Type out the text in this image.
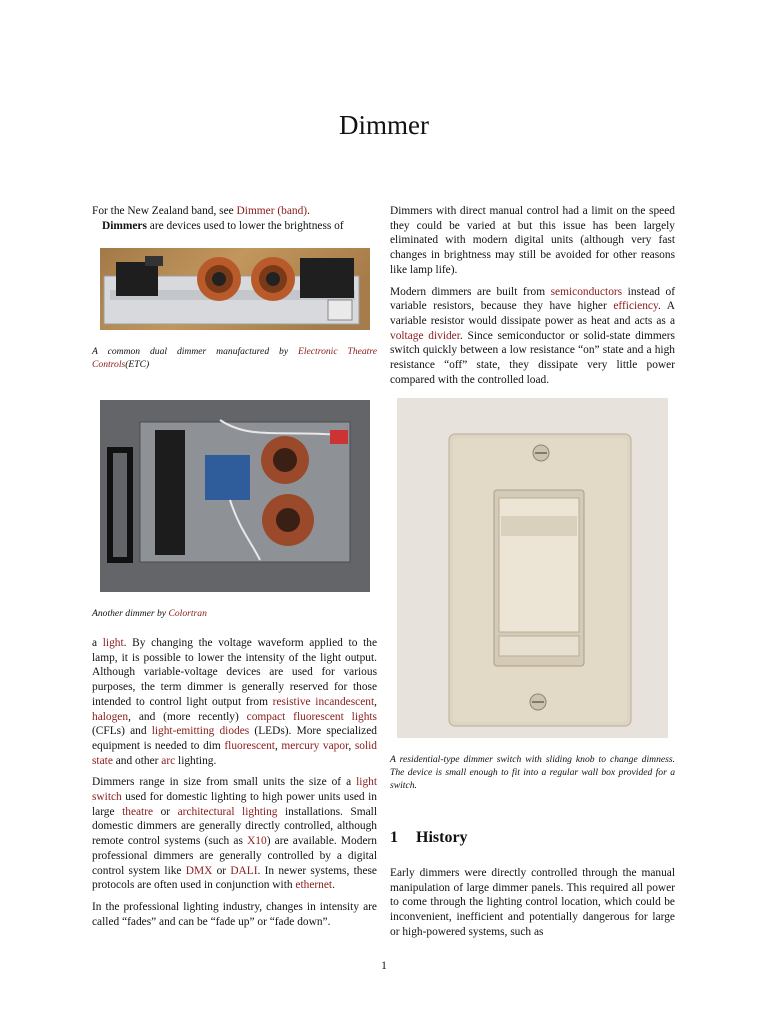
Dimmer

For the New Zealand band, see Dimmer (band).

Dimmers are devices used to lower the brightness of

A common dual dimmer manufactured by Electronic Theatre Controls(ETC)
Another dimmer by Colortran

a light. By changing the voltage waveform applied to the lamp, it is possible to lower the intensity of the light output. Although variable-voltage devices are used for various purposes, the term dimmer is generally reserved for those intended to control light output from resistive incandescent, halogen, and (more recently) compact fluorescent lights (CFLs) and light-emitting diodes (LEDs). More specialized equipment is needed to dim fluorescent, mercury vapor, solid state and other arc lighting.

Dimmers range in size from small units the size of a light switch used for domestic lighting to high power units used in large theatre or architectural lighting installations. Small domestic dimmers are generally directly controlled, although remote control systems (such as X10) are available. Modern professional dimmers are generally controlled by a digital control system like DMX or DALI. In newer systems, these protocols are often used in conjunction with ethernet.

In the professional lighting industry, changes in intensity are called “fades” and can be “fade up” or “fade down”.

Dimmers with direct manual control had a limit on the speed they could be varied at but this issue has been largely eliminated with modern digital units (although very fast changes in brightness may still be avoided for other reasons like lamp life).

Modern dimmers are built from semiconductors instead of variable resistors, because they have higher efficiency. A variable resistor would dissipate power as heat and acts as a voltage divider. Since semiconductor or solid-state dimmers switch quickly between a low resistance “on” state and a high resistance “off” state, they dissipate very little power compared with the controlled load.

A residential-type dimmer switch with sliding knob to change dimness. The device is small enough to fit into a regular wall box provided for a switch.
1 History

Early dimmers were directly controlled through the manual manipulation of large dimmer panels. This required all power to come through the lighting control location, which could be inconvenient, inefficient and potentially dangerous for large or high-powered systems, such as

1
